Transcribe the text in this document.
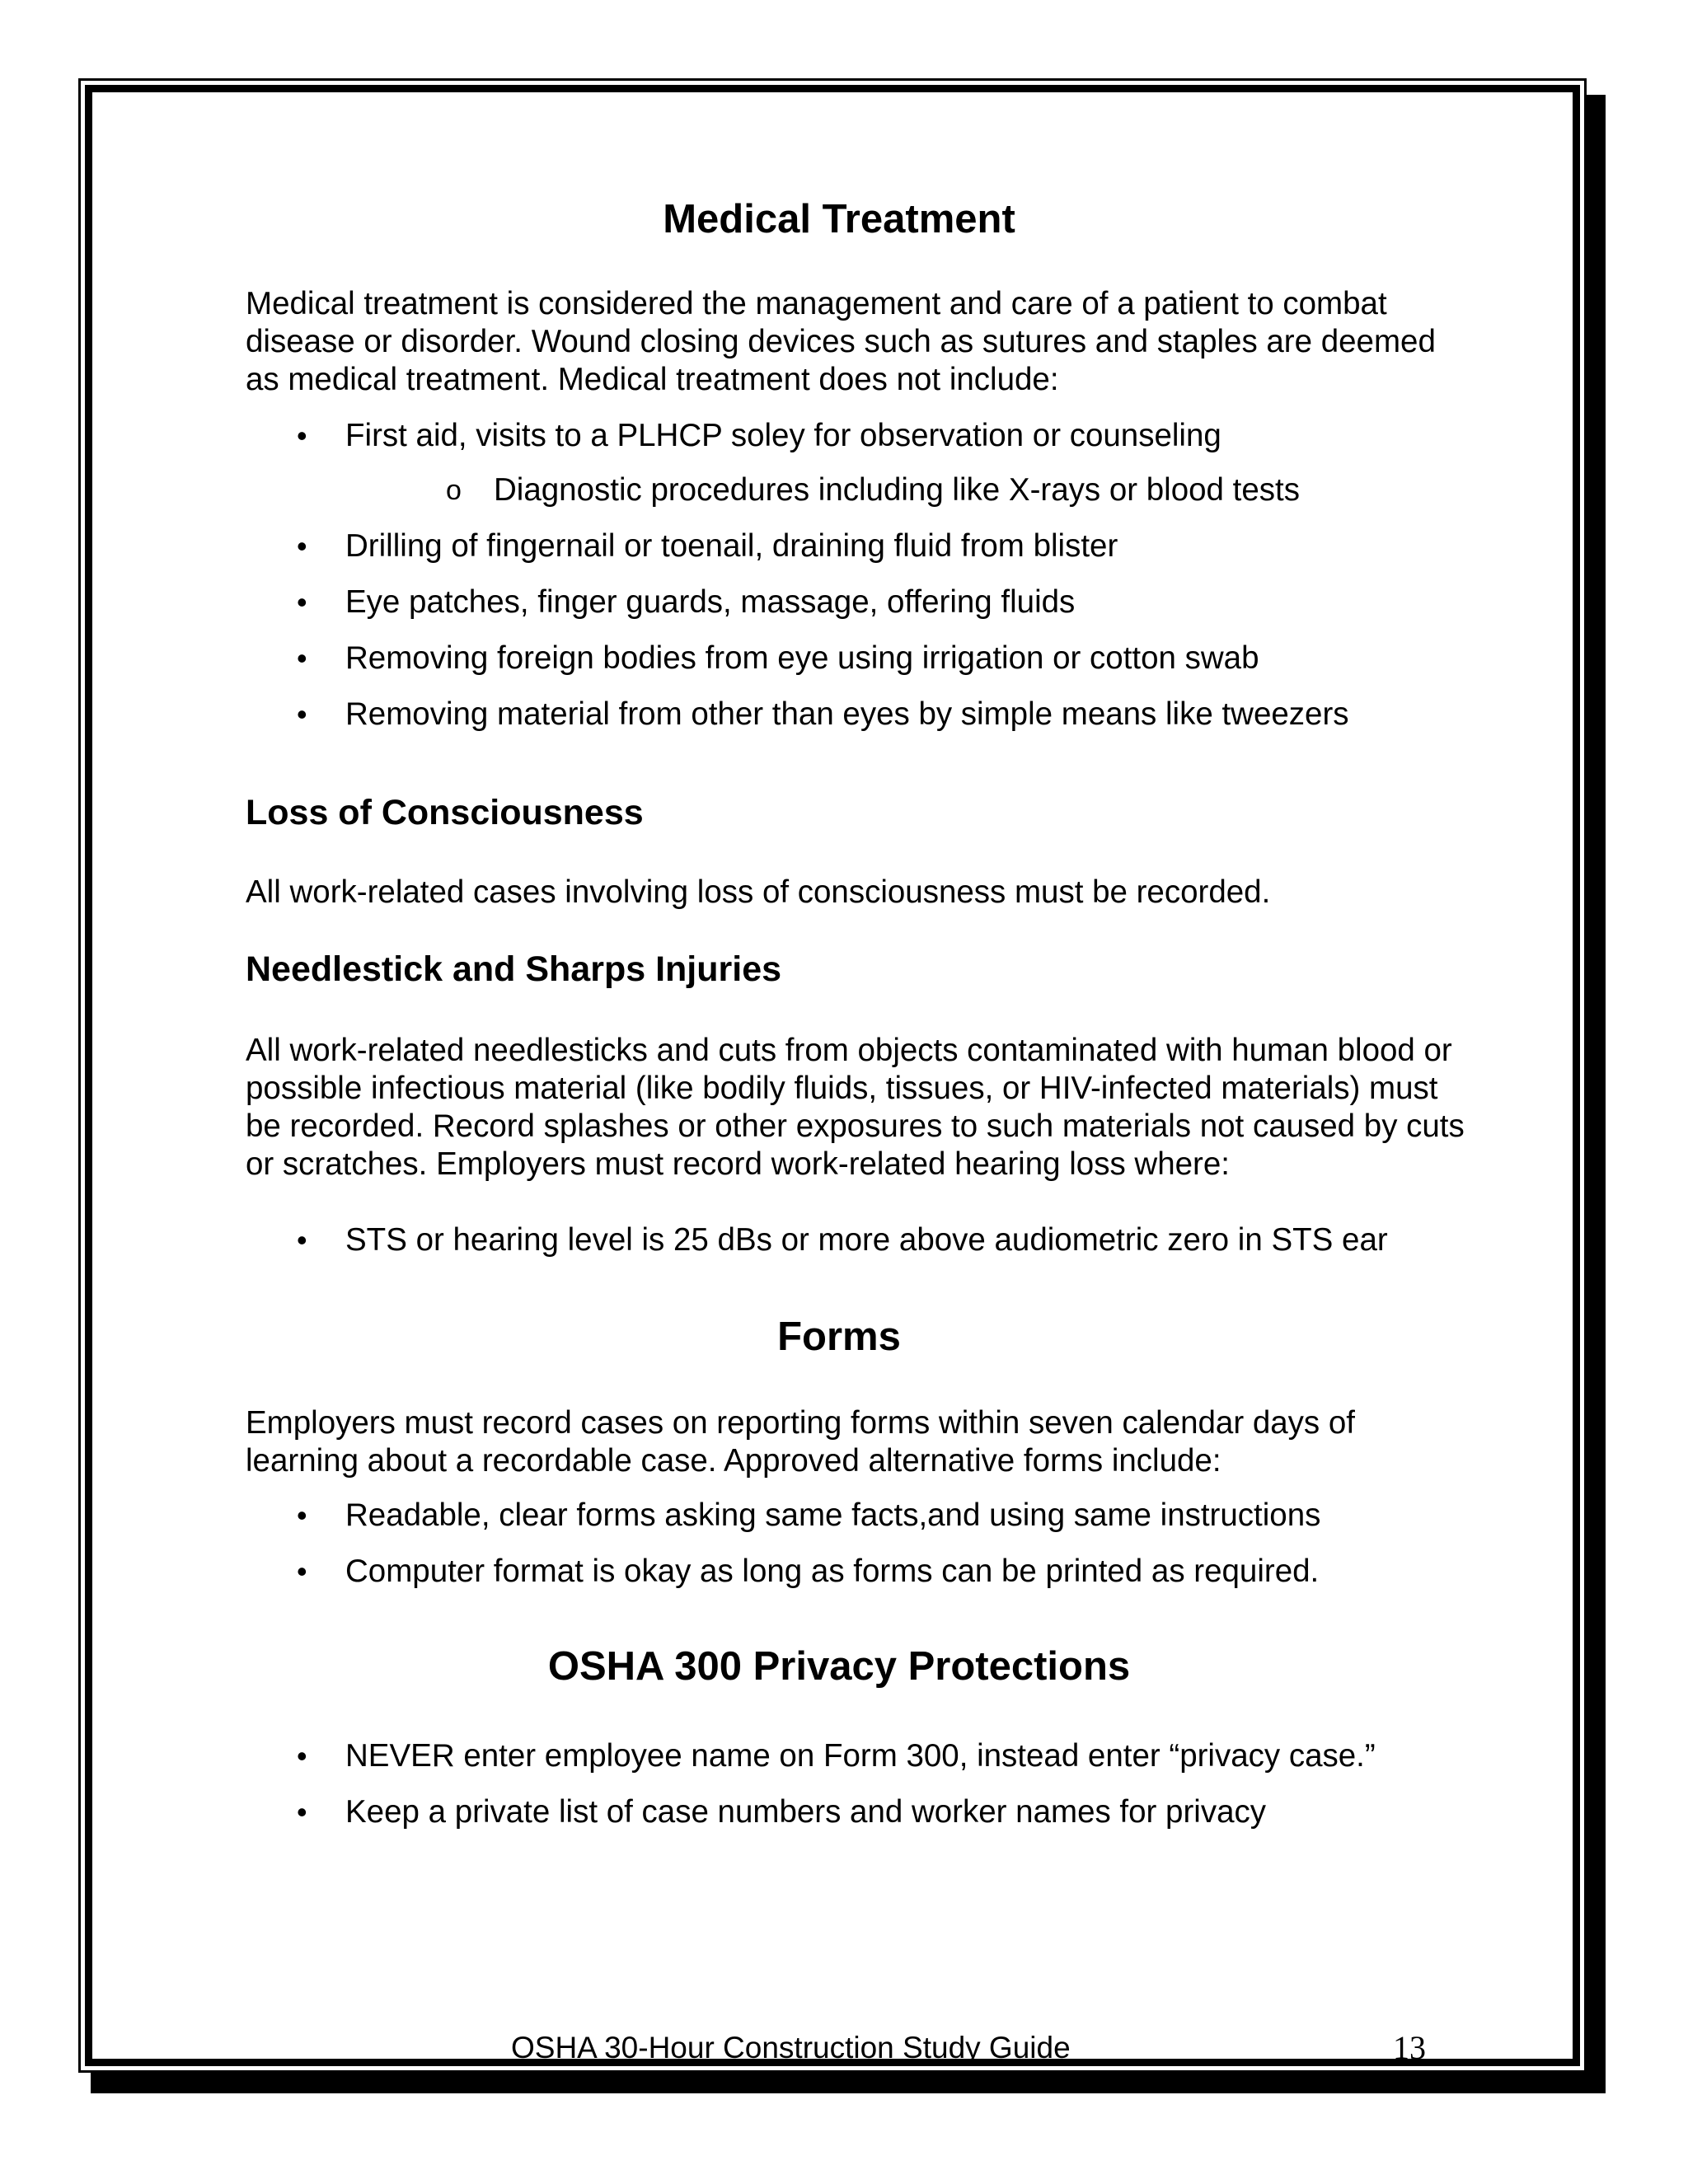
Medical Treatment

Medical treatment is considered the management and care of a patient to combat disease or disorder. Wound closing devices such as sutures and staples are deemed as medical treatment. Medical treatment does not include:

• First aid, visits to a PLHCP soley for observation or counseling
o Diagnostic procedures including like X-rays or blood tests
• Drilling of fingernail or toenail, draining fluid from blister
• Eye patches, finger guards, massage, offering fluids
• Removing foreign bodies from eye using irrigation or cotton swab
• Removing material from other than eyes by simple means like tweezers
Loss of Consciousness

All work-related cases involving loss of consciousness must be recorded.

Needlestick and Sharps Injuries

All work-related needlesticks and cuts from objects contaminated with human blood or possible infectious material (like bodily fluids, tissues, or HIV-infected materials) must be recorded. Record splashes or other exposures to such materials not caused by cuts or scratches. Employers must record work-related hearing loss where:

• STS or hearing level is 25 dBs or more above audiometric zero in STS ear
Forms

Employers must record cases on reporting forms within seven calendar days of learning about a recordable case. Approved alternative forms include:

• Readable, clear forms asking same facts,and using same instructions
• Computer format is okay as long as forms can be printed as required.
OSHA 300 Privacy Protections
• NEVER enter employee name on Form 300, instead enter “privacy case.”
• Keep a private list of case numbers and worker names for privacy
OSHA 30-Hour Construction Study Guide	13
